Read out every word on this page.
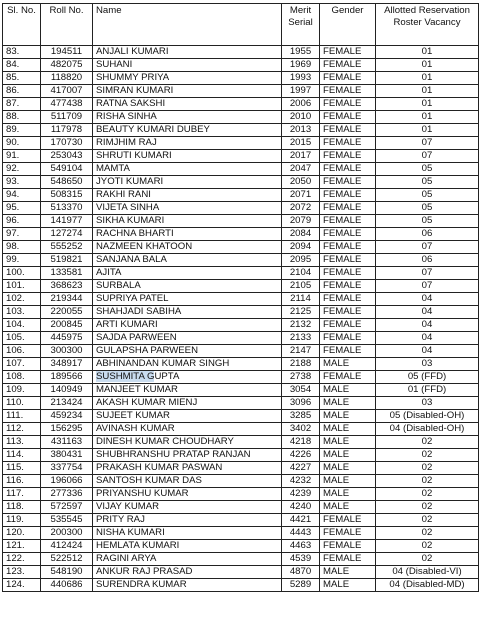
Sl. No.	Roll No.	Name	Merit Serial	Gender	Allotted Reservation Roster Vacancy
83.	194511	ANJALI KUMARI	1955	FEMALE	01
84.	482075	SUHANI	1969	FEMALE	01
85.	118820	SHUMMY PRIYA	1993	FEMALE	01
86.	417007	SIMRAN KUMARI	1997	FEMALE	01
87.	477438	RATNA SAKSHI	2006	FEMALE	01
88.	511709	RISHA SINHA	2010	FEMALE	01
89.	117978	BEAUTY KUMARI DUBEY	2013	FEMALE	01
90.	170730	RIMJHIM RAJ	2015	FEMALE	07
91.	253043	SHRUTI KUMARI	2017	FEMALE	07
92.	549104	MAMTA	2047	FEMALE	05
93.	548650	JYOTI KUMARI	2050	FEMALE	05
94.	508315	RAKHI RANI	2071	FEMALE	05
95.	513370	VIJETA SINHA	2072	FEMALE	05
96.	141977	SIKHA KUMARI	2079	FEMALE	05
97.	127274	RACHNA BHARTI	2084	FEMALE	06
98.	555252	NAZMEEN KHATOON	2094	FEMALE	07
99.	519821	SANJANA BALA	2095	FEMALE	06
100.	133581	AJITA	2104	FEMALE	07
101.	368623	SURBALA	2105	FEMALE	07
102.	219344	SUPRIYA PATEL	2114	FEMALE	04
103.	220055	SHAHJADI SABIHA	2125	FEMALE	04
104.	200845	ARTI KUMARI	2132	FEMALE	04
105.	445975	SAJDA PARWEEN	2133	FEMALE	04
106.	300300	GULAPSHA PARWEEN	2147	FEMALE	04
107.	348917	ABHINANDAN KUMAR SINGH	2188	MALE	03
108.	189566	SUSHMITA GUPTA	2738	FEMALE	05 (FFD)
109.	140949	MANJEET KUMAR	3054	MALE	01 (FFD)
110.	213424	AKASH KUMAR MIENJ	3096	MALE	03
111.	459234	SUJEET KUMAR	3285	MALE	05 (Disabled-OH)
112.	156295	AVINASH KUMAR	3402	MALE	04 (Disabled-OH)
113.	431163	DINESH KUMAR CHOUDHARY	4218	MALE	02
114.	380431	SHUBHRANSHU PRATAP RANJAN	4226	MALE	02
115.	337754	PRAKASH KUMAR PASWAN	4227	MALE	02
116.	196066	SANTOSH KUMAR DAS	4232	MALE	02
117.	277336	PRIYANSHU KUMAR	4239	MALE	02
118.	572597	VIJAY KUMAR	4240	MALE	02
119.	535545	PRITY RAJ	4421	FEMALE	02
120.	200300	NISHA KUMARI	4443	FEMALE	02
121.	412424	HEMLATA KUMARI	4463	FEMALE	02
122.	522512	RAGINI ARYA	4539	FEMALE	02
123.	548190	ANKUR RAJ PRASAD	4870	MALE	04 (Disabled-VI)
124.	440686	SURENDRA KUMAR	5289	MALE	04 (Disabled-MD)
